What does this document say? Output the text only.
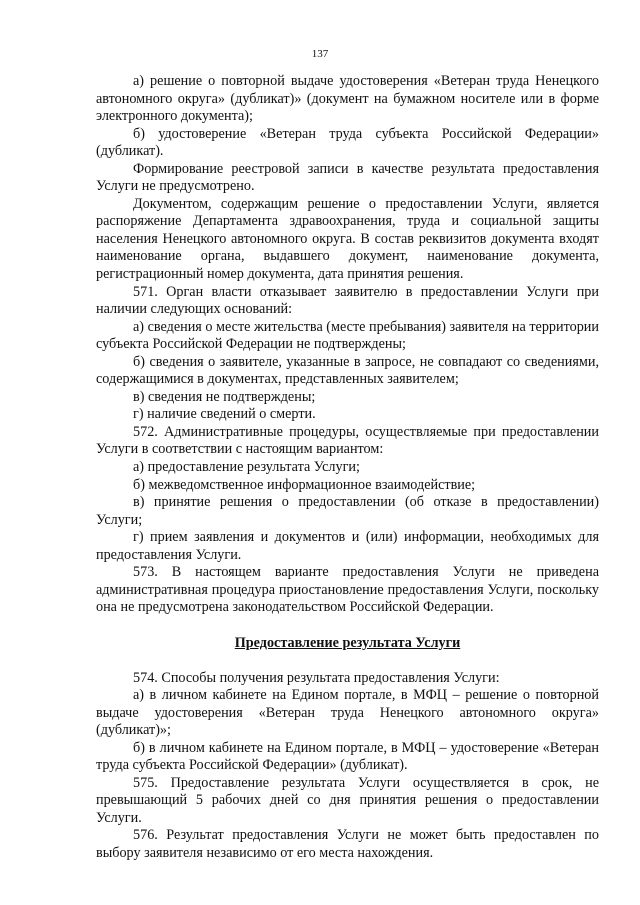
137

а) решение о повторной выдаче удостоверения «Ветеран труда Ненецкого автономного округа» (дубликат)» (документ на бумажном носителе или в форме электронного документа);

б) удостоверение «Ветеран труда субъекта Российской Федерации» (дубликат).

Формирование реестровой записи в качестве результата предоставления Услуги не предусмотрено.

Документом, содержащим решение о предоставлении Услуги, является распоряжение Департамента здравоохранения, труда и социальной защиты населения Ненецкого автономного округа. В состав реквизитов документа входят наименование органа, выдавшего документ, наименование документа, регистрационный номер документа, дата принятия решения.

571. Орган власти отказывает заявителю в предоставлении Услуги при наличии следующих оснований:

а) сведения о месте жительства (месте пребывания) заявителя на территории субъекта Российской Федерации не подтверждены;

б) сведения о заявителе, указанные в запросе, не совпадают со сведениями, содержащимися в документах, представленных заявителем;

в) сведения не подтверждены;

г) наличие сведений о смерти.

572. Административные процедуры, осуществляемые при предоставлении Услуги в соответствии с настоящим вариантом:

а) предоставление результата Услуги;

б) межведомственное информационное взаимодействие;

в) принятие решения о предоставлении (об отказе в предоставлении) Услуги;

г) прием заявления и документов и (или) информации, необходимых для предоставления Услуги.

573. В настоящем варианте предоставления Услуги не приведена административная процедура приостановление предоставления Услуги, поскольку она не предусмотрена законодательством Российской Федерации.

Предоставление результата Услуги

574. Способы получения результата предоставления Услуги:

а) в личном кабинете на Едином портале, в МФЦ – решение о повторной выдаче удостоверения «Ветеран труда Ненецкого автономного округа» (дубликат)»;

б) в личном кабинете на Едином портале, в МФЦ – удостоверение «Ветеран труда субъекта Российской Федерации» (дубликат).

575. Предоставление результата Услуги осуществляется в срок, не превышающий 5 рабочих дней со дня принятия решения о предоставлении Услуги.

576. Результат предоставления Услуги не может быть предоставлен по выбору заявителя независимо от его места нахождения.
